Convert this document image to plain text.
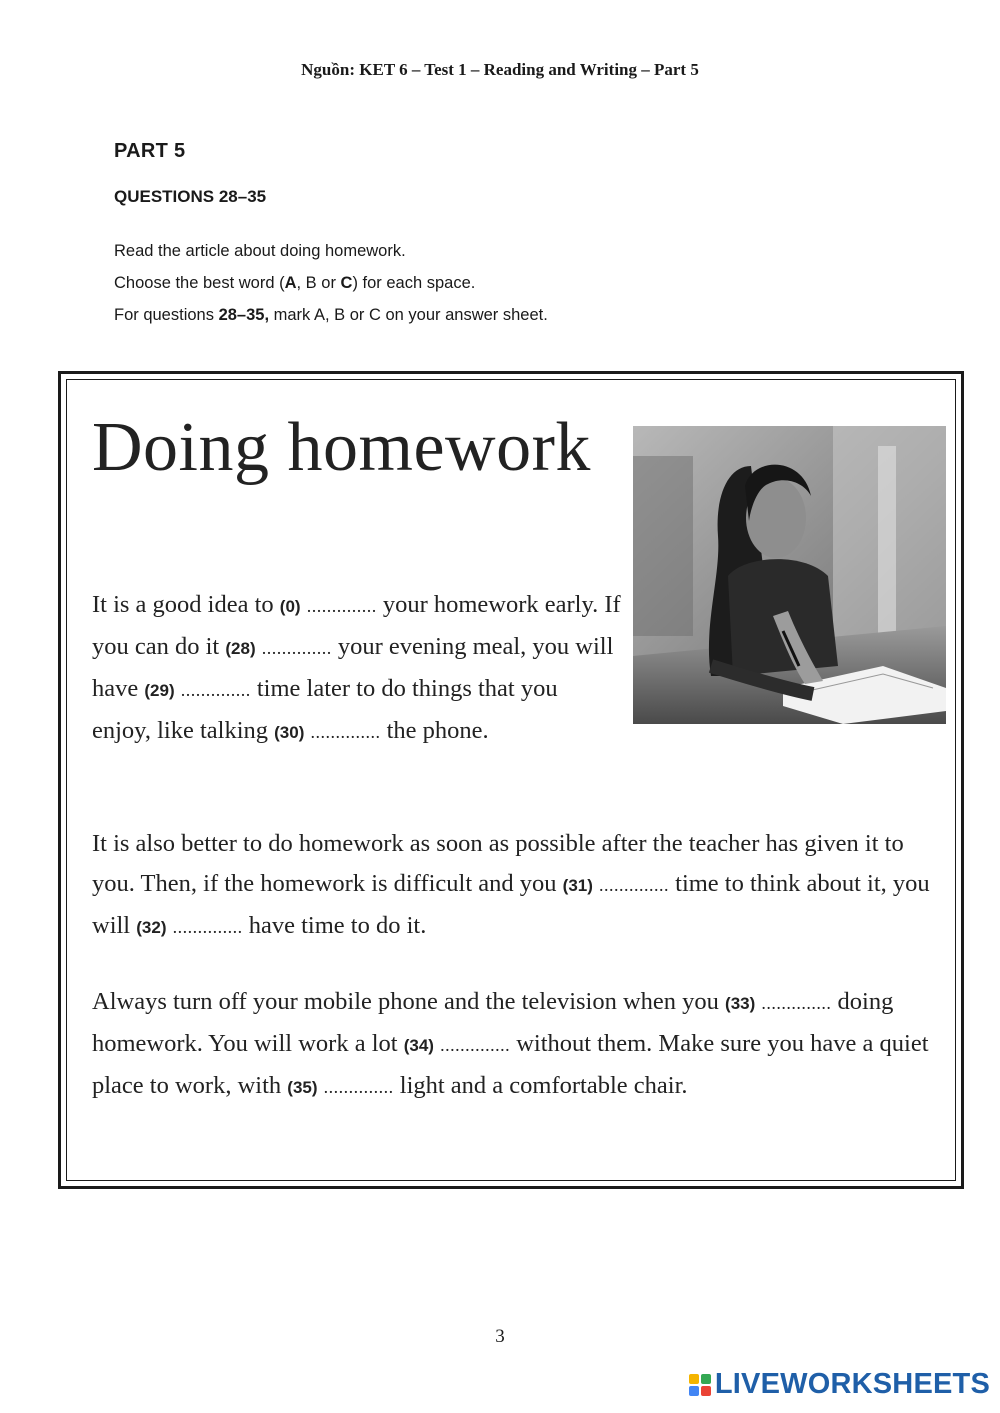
Nguồn: KET 6 – Test 1 – Reading and Writing – Part 5
PART 5
QUESTIONS 28–35
Read the article about doing homework.
Choose the best word (A, B or C) for each space.
For questions 28–35, mark A, B or C on your answer sheet.
Doing homework
It is a good idea to (0) .............. your homework early. If you can do it (28) .............. your evening meal, you will have (29) .............. time later to do things that you enjoy, like talking (30) .............. the phone.
It is also better to do homework as soon as possible after the teacher has given it to you. Then, if the homework is difficult and you (31) .............. time to think about it, you will (32) .............. have time to do it.
Always turn off your mobile phone and the television when you (33) .............. doing homework. You will work a lot (34) .............. without them. Make sure you have a quiet place to work, with (35) .............. light and a comfortable chair.
3
LIVEWORKSHEETS
